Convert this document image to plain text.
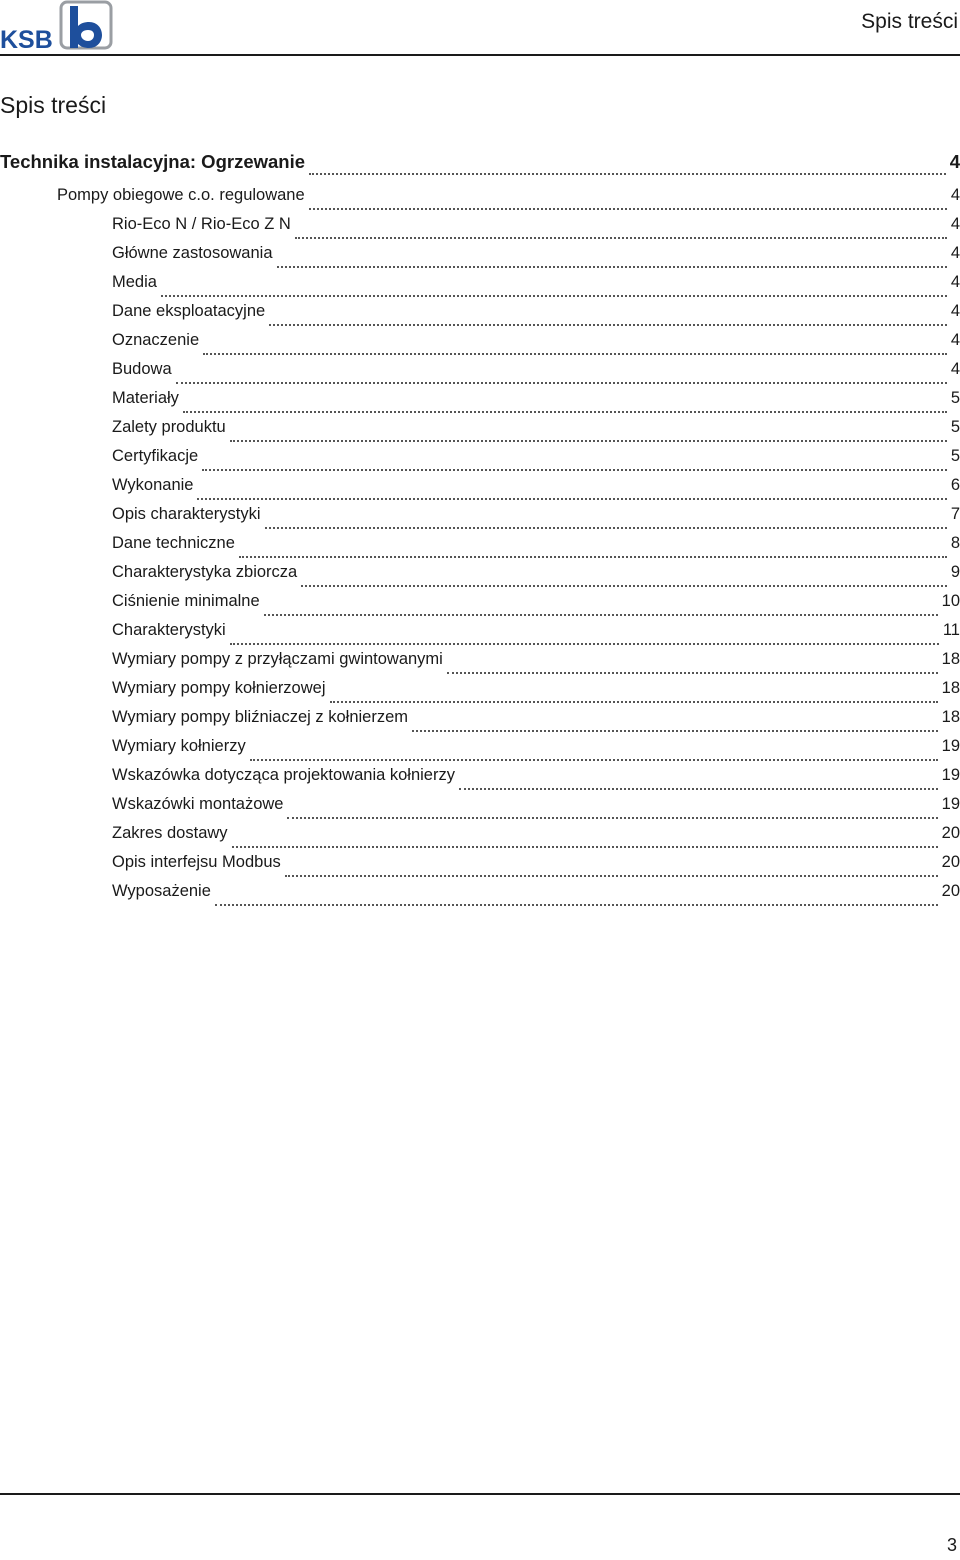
KSB
Spis treści
Spis treści
Technika instalacyjna: Ogrzewanie	4
Pompy obiegowe c.o. regulowane	4
Rio-Eco N / Rio-Eco Z N	4
Główne zastosowania	4
Media	4
Dane eksploatacyjne	4
Oznaczenie	4
Budowa	4
Materiały	5
Zalety produktu	5
Certyfikacje	5
Wykonanie	6
Opis charakterystyki	7
Dane techniczne	8
Charakterystyka zbiorcza	9
Ciśnienie minimalne	10
Charakterystyki	11
Wymiary pompy z przyłączami gwintowanymi	18
Wymiary pompy kołnierzowej	18
Wymiary pompy bliźniaczej z kołnierzem	18
Wymiary kołnierzy	19
Wskazówka dotycząca projektowania kołnierzy	19
Wskazówki montażowe	19
Zakres dostawy	20
Opis interfejsu Modbus	20
Wyposażenie	20
3
